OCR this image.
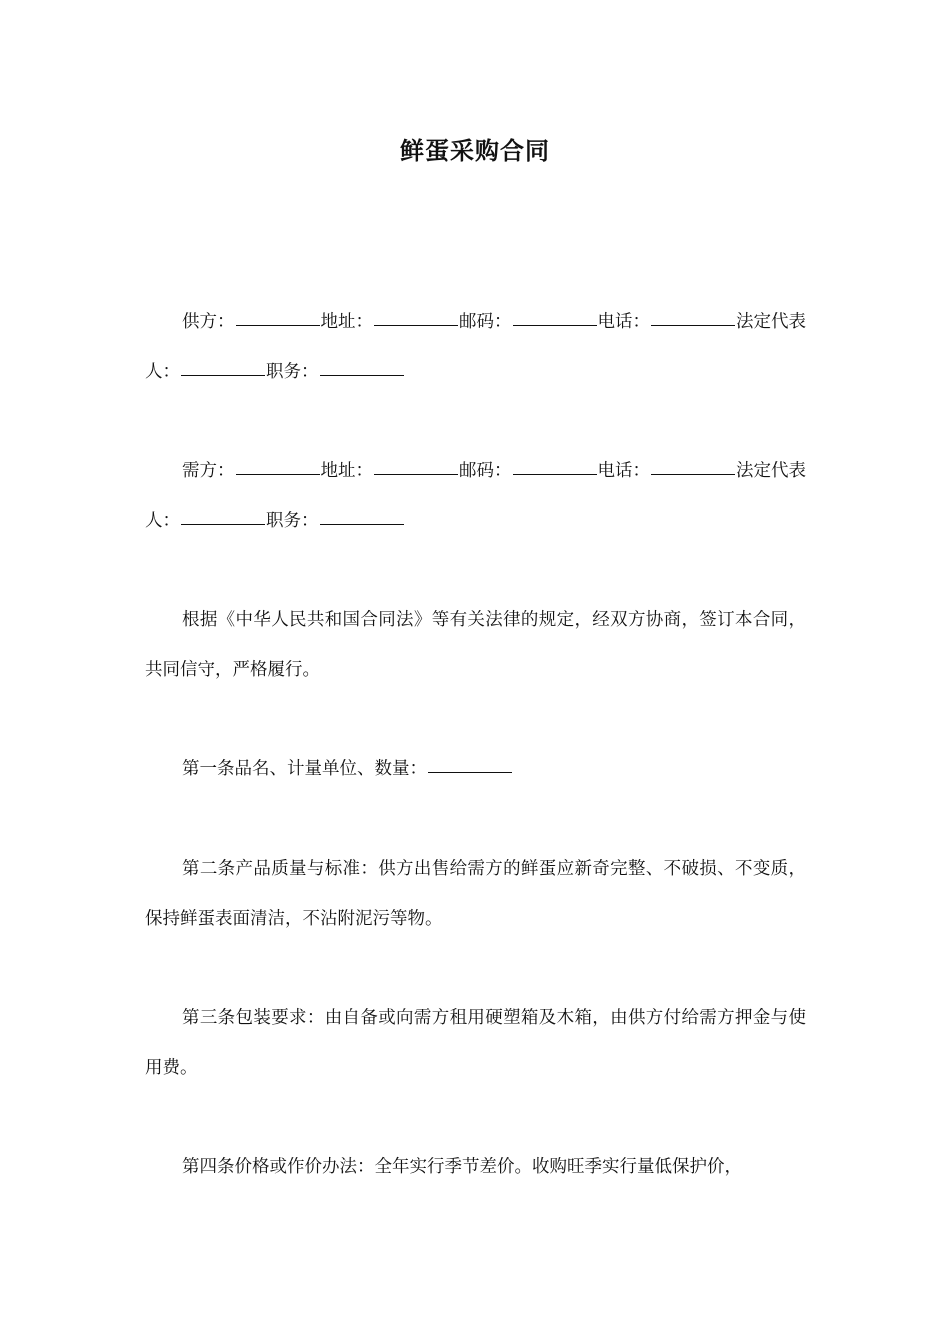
鲜蛋采购合同
供方：	地址：	邮码：	电话：	法定代表人：	职务：
需方：	地址：	邮码：	电话：	法定代表人：	职务：
根据《中华人民共和国合同法》等有关法律的规定，经双方协商，签订本合同，共同信守，严格履行。
第一条品名、计量单位、数量：
第二条产品质量与标准：供方出售给需方的鲜蛋应新奇完整、不破损、不变质，保持鲜蛋表面清洁，不沾附泥污等物。
第三条包装要求：由自备或向需方租用硬塑箱及木箱，由供方付给需方押金与使用费。
第四条价格或作价办法：全年实行季节差价。收购旺季实行量低保护价，
